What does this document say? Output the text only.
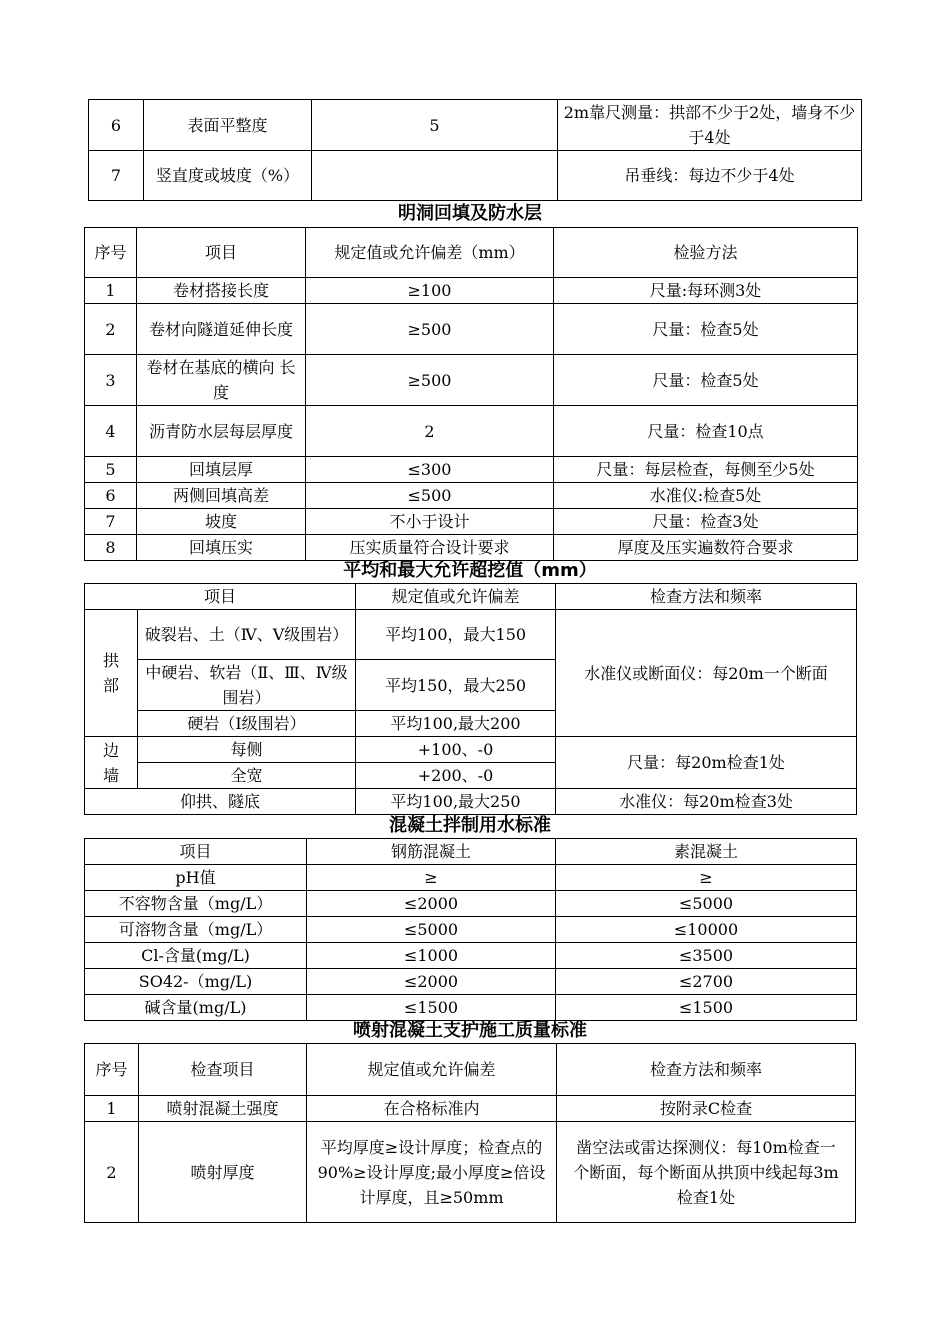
6	表面平整度	5	2m靠尺测量：拱部不少于2处，墙身不少于4处
7	竖直度或坡度（%）		吊垂线：每边不少于4处
明洞回填及防水层
序号	项目	规定值或允许偏差（mm）	检验方法
1	卷材搭接长度	≥100	尺量:每环测3处
2	卷材向隧道延伸长度	≥500	尺量：检查5处
3	卷材在基底的横向 长度	≥500	尺量：检查5处
4	沥青防水层每层厚度	2	尺量：检查10点
5	回填层厚	≤300	尺量：每层检查，每侧至少5处
6	两侧回填高差	≤500	水准仪:检查5处
7	坡度	不小于设计	尺量：检查3处
8	回填压实	压实质量符合设计要求	厚度及压实遍数符合要求
平均和最大允许超挖值（mm）
项目		规定值或允许偏差	检查方法和频率
拱部	破裂岩、土（Ⅳ、Ⅴ级围岩）	平均100，最大150	水准仪或断面仪：每20m一个断面
	中硬岩、软岩（Ⅱ、Ⅲ、Ⅳ级围岩）	平均150，最大250	
	硬岩（Ⅰ级围岩）	平均100,最大200	
边墙	每侧	+100、-0	尺量：每20m检查1处
	全宽	+200、-0	
仰拱、隧底		平均100,最大250	水准仪：每20m检查3处
混凝土拌制用水标准
项目	钢筋混凝土	素混凝土
pH值	≥	≥
不容物含量（mg/L）	≤2000	≤5000
可溶物含量（mg/L）	≤5000	≤10000
Cl-含量(mg/L)	≤1000	≤3500
SO42-（mg/L)	≤2000	≤2700
碱含量(mg/L)	≤1500	≤1500
喷射混凝土支护施工质量标准
序号	检查项目	规定值或允许偏差	检查方法和频率
1	喷射混凝土强度	在合格标准内	按附录C检查
2	喷射厚度	平均厚度≥设计厚度；检查点的90%≥设计厚度;最小厚度≥倍设计厚度，且≥50mm	凿空法或雷达探测仪：每10m检查一个断面，每个断面从拱顶中线起每3m检查1处
